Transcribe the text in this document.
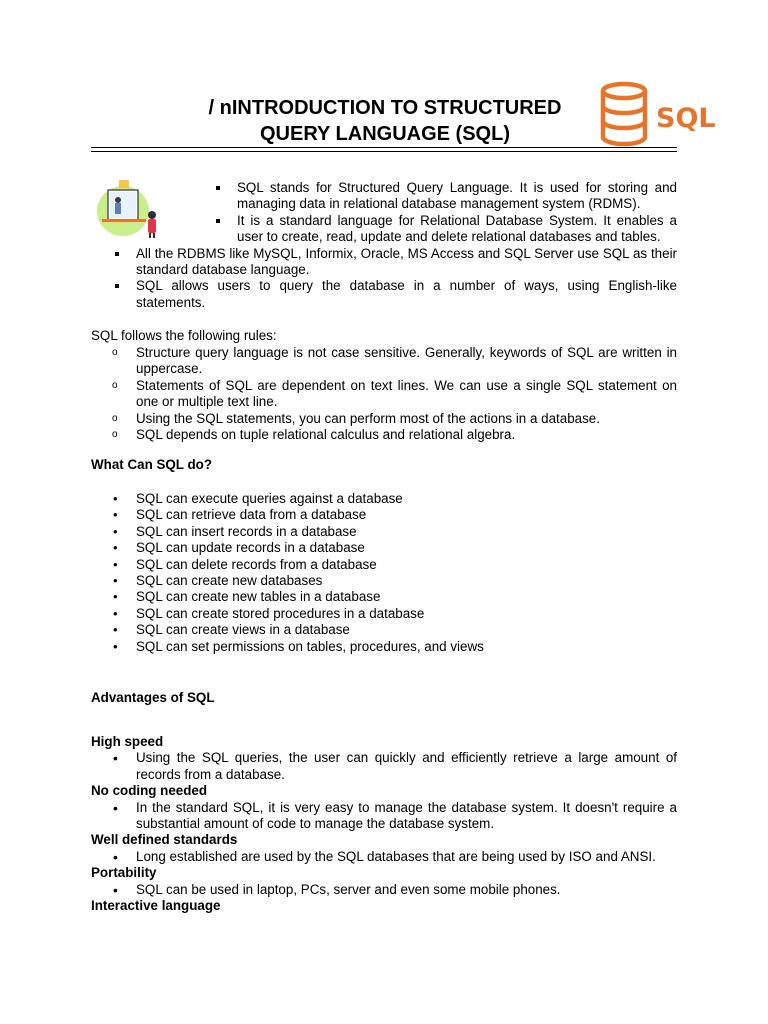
/ nINTRODUCTION TO STRUCTURED
QUERY LANGUAGE (SQL)	SQL
SQL stands for Structured Query Language. It is used for storing and managing data in relational database management system (RDMS).
It is a standard language for Relational Database System. It enables a user to create, read, update and delete relational databases and tables.
All the RDBMS like MySQL, Informix, Oracle, MS Access and SQL Server use SQL as their standard database language.
SQL allows users to query the database in a number of ways, using English-like statements.
SQL follows the following rules:
o Structure query language is not case sensitive. Generally, keywords of SQL are written in uppercase.
o Statements of SQL are dependent on text lines. We can use a single SQL statement on one or multiple text line.
o Using the SQL statements, you can perform most of the actions in a database.
o SQL depends on tuple relational calculus and relational algebra.
What Can SQL do?
• SQL can execute queries against a database
• SQL can retrieve data from a database
• SQL can insert records in a database
• SQL can update records in a database
• SQL can delete records from a database
• SQL can create new databases
• SQL can create new tables in a database
• SQL can create stored procedures in a database
• SQL can create views in a database
• SQL can set permissions on tables, procedures, and views
Advantages of SQL
High speed
• Using the SQL queries, the user can quickly and efficiently retrieve a large amount of records from a database.
No coding needed
• In the standard SQL, it is very easy to manage the database system. It doesn't require a substantial amount of code to manage the database system.
Well defined standards
• Long established are used by the SQL databases that are being used by ISO and ANSI.
Portability
• SQL can be used in laptop, PCs, server and even some mobile phones.
Interactive language
